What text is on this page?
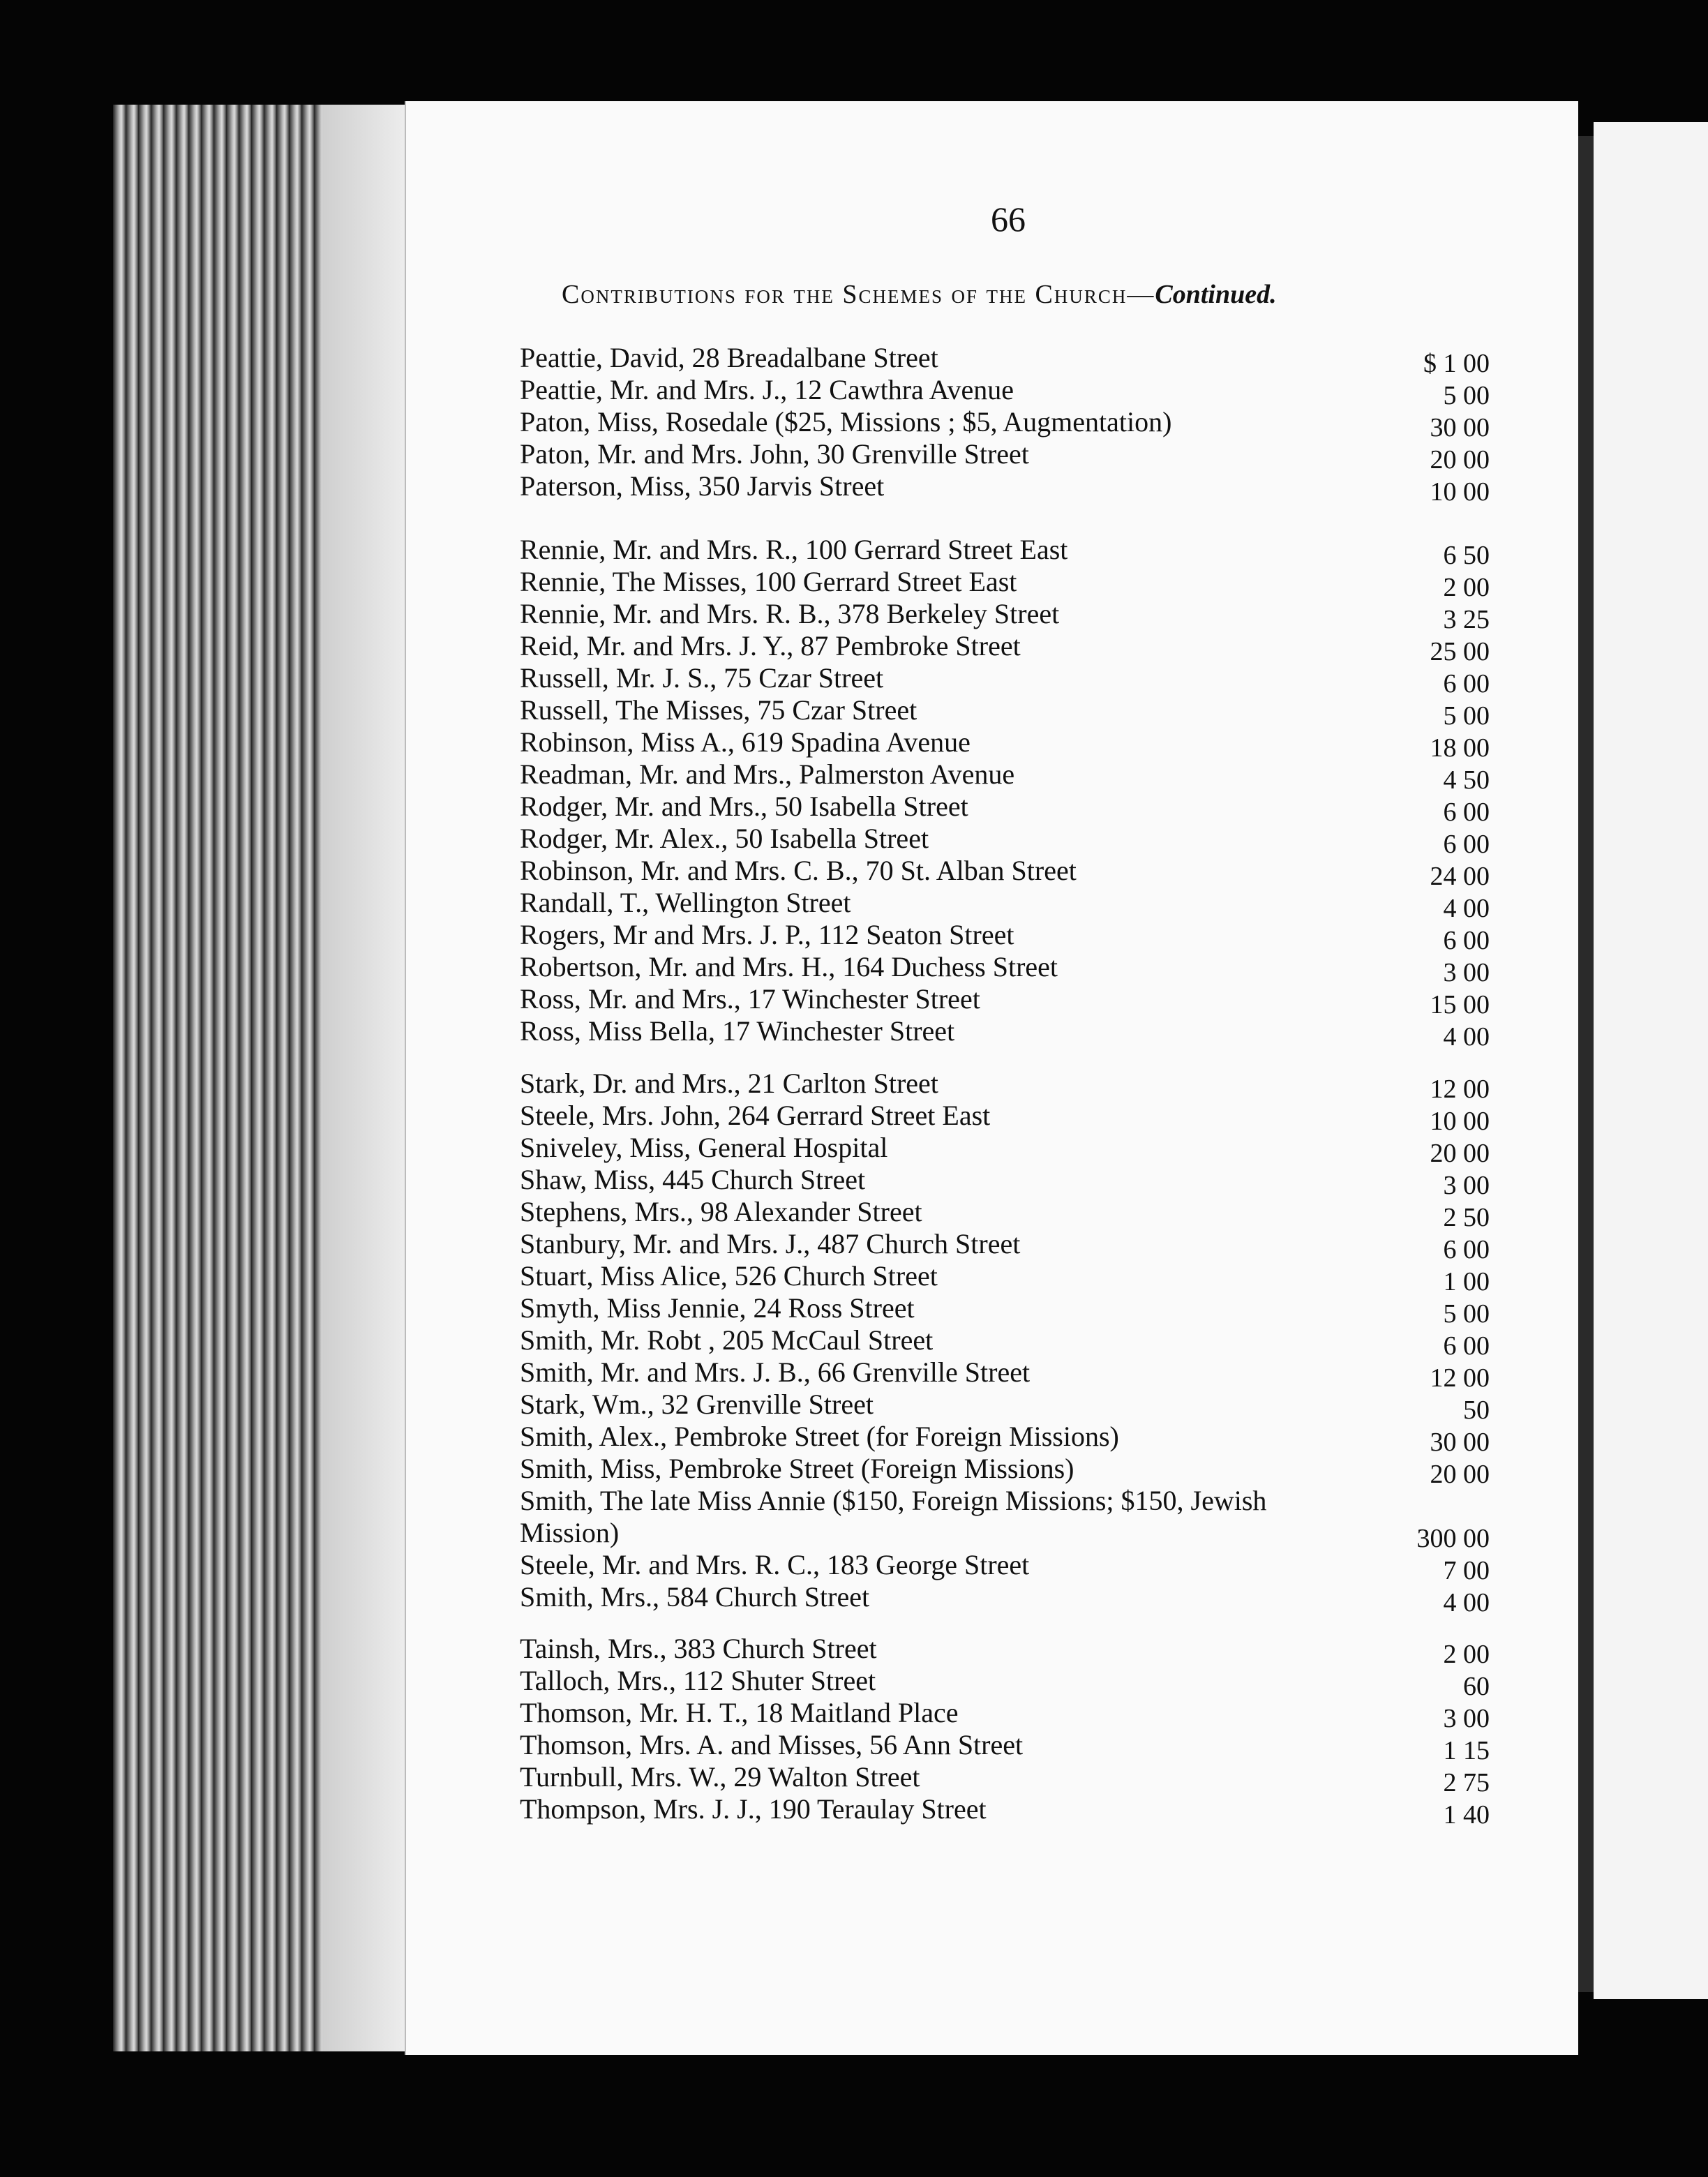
66
Contributions for the Schemes of the Church—Continued.
Peattie, David, 28 Breadalbane Street . . .	$ 1 00
Peattie, Mr. and Mrs. J., 12 Cawthra Avenue . . .	5 00
Paton, Miss, Rosedale ($25, Missions ; $5, Augmentation) . . .	30 00
Paton, Mr. and Mrs. John, 30 Grenville Street . . .	20 00
Paterson, Miss, 350 Jarvis Street . . .	10 00
Rennie, Mr. and Mrs. R., 100 Gerrard Street East . . .	6 50
Rennie, The Misses, 100 Gerrard Street East . . .	2 00
Rennie, Mr. and Mrs. R. B., 378 Berkeley Street . . .	3 25
Reid, Mr. and Mrs. J. Y., 87 Pembroke Street . . .	25 00
Russell, Mr. J. S., 75 Czar Street . . .	6 00
Russell, The Misses, 75 Czar Street . . .	5 00
Robinson, Miss A., 619 Spadina Avenue . . .	18 00
Readman, Mr. and Mrs., Palmerston Avenue . . .	4 50
Rodger, Mr. and Mrs., 50 Isabella Street . . .	6 00
Rodger, Mr. Alex., 50 Isabella Street . . .	6 00
Robinson, Mr. and Mrs. C. B., 70 St. Alban Street . . .	24 00
Randall, T., Wellington Street . . .	4 00
Rogers, Mr and Mrs. J. P., 112 Seaton Street . . .	6 00
Robertson, Mr. and Mrs. H., 164 Duchess Street . . .	3 00
Ross, Mr. and Mrs., 17 Winchester Street . . .	15 00
Ross, Miss Bella, 17 Winchester Street . . .	4 00
Stark, Dr. and Mrs., 21 Carlton Street . . .	12 00
Steele, Mrs. John, 264 Gerrard Street East . . .	10 00
Sniveley, Miss, General Hospital . . .	20 00
Shaw, Miss, 445 Church Street . . .	3 00
Stephens, Mrs., 98 Alexander Street . . .	2 50
Stanbury, Mr. and Mrs. J., 487 Church Street . . .	6 00
Stuart, Miss Alice, 526 Church Street . . .	1 00
Smyth, Miss Jennie, 24 Ross Street . . .	5 00
Smith, Mr. Robt , 205 McCaul Street . . .	6 00
Smith, Mr. and Mrs. J. B., 66 Grenville Street . . .	12 00
Stark, Wm., 32 Grenville Street . . .	50
Smith, Alex., Pembroke Street (for Foreign Missions) . . .	30 00
Smith, Miss, Pembroke Street (Foreign Missions) . . .	20 00
Smith, The late Miss Annie ($150, Foreign Missions; $150, Jewish Mission) . . .	300 00
Steele, Mr. and Mrs. R. C., 183 George Street . . .	7 00
Smith, Mrs., 584 Church Street . . .	4 00
Tainsh, Mrs., 383 Church Street . . .	2 00
Talloch, Mrs., 112 Shuter Street . . .	60
Thomson, Mr. H. T., 18 Maitland Place . . .	3 00
Thomson, Mrs. A. and Misses, 56 Ann Street . . .	1 15
Turnbull, Mrs. W., 29 Walton Street . . .	2 75
Thompson, Mrs. J. J., 190 Teraulay Street . . .	1 40
